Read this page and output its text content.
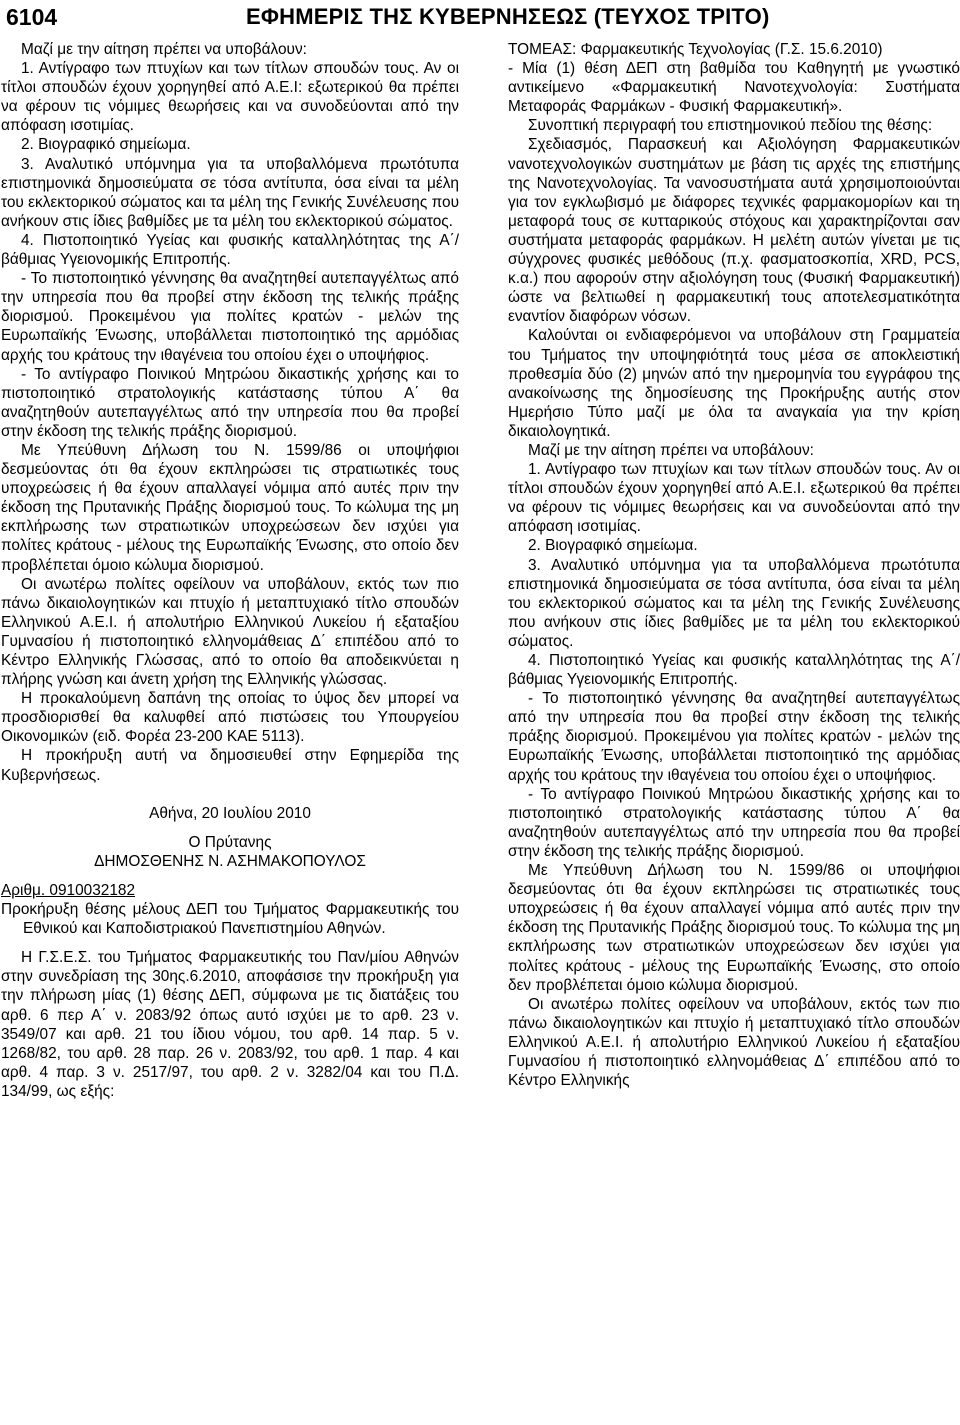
6104	ΕΦΗΜΕΡΙΣ ΤΗΣ ΚΥΒΕΡΝΗΣΕΩΣ (ΤΕΥΧΟΣ ΤΡΙΤΟ)

Μαζί με την αίτηση πρέπει να υποβάλουν:

1. Αντίγραφο των πτυχίων και των τίτλων σπουδών τους. Αν οι τίτλοι σπουδών έχουν χορηγηθεί από Α.Ε.Ι: εξωτερικού θα πρέπει να φέρουν τις νόμιμες θεωρήσεις και να συνοδεύονται από την απόφαση ισοτιμίας.

2. Βιογραφικό σημείωμα.

3. Αναλυτικό υπόμνημα για τα υποβαλλόμενα πρωτότυπα επιστημονικά δημοσιεύματα σε τόσα αντίτυπα, όσα είναι τα μέλη του εκλεκτορικού σώματος και τα μέλη της Γενικής Συνέλευσης που ανήκουν στις ίδιες βαθμίδες με τα μέλη του εκλεκτορικού σώματος.

4. Πιστοποιητικό Υγείας και φυσικής καταλληλότητας της Α΄/βάθμιας Υγειονομικής Επιτροπής.

- Το πιστοποιητικό γέννησης θα αναζητηθεί αυτεπαγγέλτως από την υπηρεσία που θα προβεί στην έκδοση της τελικής πράξης διορισμού. Προκειμένου για πολίτες κρατών - μελών της Ευρωπαϊκής Ένωσης, υποβάλλεται πιστοποιητικό της αρμόδιας αρχής του κράτους την ιθαγένεια του οποίου έχει ο υποψήφιος.

- Το αντίγραφο Ποινικού Μητρώου δικαστικής χρήσης και το πιστοποιητικό στρατολογικής κατάστασης τύπου Α΄ θα αναζητηθούν αυτεπαγγέλτως από την υπηρεσία που θα προβεί στην έκδοση της τελικής πράξης διορισμού.

Με Υπεύθυνη Δήλωση του Ν. 1599/86 οι υποψήφιοι δεσμεύοντας ότι θα έχουν εκπληρώσει τις στρατιωτικές τους υποχρεώσεις ή θα έχουν απαλλαγεί νόμιμα από αυτές πριν την έκδοση της Πρυτανικής Πράξης διορισμού τους. Το κώλυμα της μη εκπλήρωσης των στρατιωτικών υποχρεώσεων δεν ισχύει για πολίτες κράτους - μέλους της Ευρωπαϊκής Ένωσης, στο οποίο δεν προβλέπεται όμοιο κώλυμα διορισμού.

Οι ανωτέρω πολίτες οφείλουν να υποβάλουν, εκτός των πιο πάνω δικαιολογητικών και πτυχίο ή μεταπτυχιακό τίτλο σπουδών Ελληνικού Α.Ε.Ι. ή απολυτήριο Ελληνικού Λυκείου ή εξαταξίου Γυμνασίου ή πιστοποιητικό ελληνομάθειας Δ΄ επιπέδου από το Κέντρο Ελληνικής Γλώσσας, από το οποίο θα αποδεικνύεται η πλήρης γνώση και άνετη χρήση της Ελληνικής γλώσσας.

Η προκαλούμενη δαπάνη της οποίας το ύψος δεν μπορεί να προσδιορισθεί θα καλυφθεί από πιστώσεις του Υπουργείου Οικονομικών (ειδ. Φορέα 23-200 ΚΑΕ 5113).

Η προκήρυξη αυτή να δημοσιευθεί στην Εφημερίδα της Κυβερνήσεως.

Αθήνα, 20 Ιουλίου 2010

Ο Πρύτανης

ΔΗΜΟΣΘΕΝΗΣ Ν. ΑΣΗΜΑΚΟΠΟΥΛΟΣ

Αριθμ. 0910032182

Προκήρυξη θέσης μέλους ΔΕΠ του Τμήματος Φαρμακευτικής του Εθνικού και Καποδιστριακού Πανεπιστημίου Αθηνών.

Η Γ.Σ.Ε.Σ. του Τμήματος Φαρμακευτικής του Παν/μίου Αθηνών στην συνεδρίαση της 30ης.6.2010, αποφάσισε την προκήρυξη για την πλήρωση μίας (1) θέσης ΔΕΠ, σύμφωνα με τις διατάξεις του αρθ. 6 περ Α΄ ν. 2083/92 όπως αυτό ισχύει με το αρθ. 23 ν. 3549/07 και αρθ. 21 του ίδιου νόμου, του αρθ. 14 παρ. 5 ν. 1268/82, του αρθ. 28 παρ. 26 ν. 2083/92, του αρθ. 1 παρ. 4 και αρθ. 4 παρ. 3 ν. 2517/97, του αρθ. 2 ν. 3282/04 και του Π.Δ. 134/99, ως εξής:

ΤΟΜΕΑΣ: Φαρμακευτικής Τεχνολογίας (Γ.Σ. 15.6.2010)

- Μία (1) θέση ΔΕΠ στη βαθμίδα του Καθηγητή με γνωστικό αντικείμενο «Φαρμακευτική Νανοτεχνολογία: Συστήματα Μεταφοράς Φαρμάκων - Φυσική Φαρμακευτική».

Συνοπτική περιγραφή του επιστημονικού πεδίου της θέσης:

Σχεδιασμός, Παρασκευή και Αξιολόγηση Φαρμακευτικών νανοτεχνολογικών συστημάτων με βάση τις αρχές της επιστήμης της Νανοτεχνολογίας. Τα νανοσυστήματα αυτά χρησιμοποιούνται για τον εγκλωβισμό με διάφορες τεχνικές φαρμακομορίων και τη μεταφορά τους σε κυτταρικούς στόχους και χαρακτηρίζονται σαν συστήματα μεταφοράς φαρμάκων. Η μελέτη αυτών γίνεται με τις σύγχρονες φυσικές μεθόδους (π.χ. φασματοσκοπία, XRD, PCS, κ.α.) που αφορούν στην αξιολόγηση τους (Φυσική Φαρμακευτική) ώστε να βελτιωθεί η φαρμακευτική τους αποτελεσματικότητα εναντίον διαφόρων νόσων.

Καλούνται οι ενδιαφερόμενοι να υποβάλουν στη Γραμματεία του Τμήματος την υποψηφιότητά τους μέσα σε αποκλειστική προθεσμία δύο (2) μηνών από την ημερομηνία του εγγράφου της ανακοίνωσης της δημοσίευσης της Προκήρυξης αυτής στον Ημερήσιο Τύπο μαζί με όλα τα αναγκαία για την κρίση δικαιολογητικά.

Μαζί με την αίτηση πρέπει να υποβάλουν:

1. Αντίγραφο των πτυχίων και των τίτλων σπουδών τους. Αν οι τίτλοι σπουδών έχουν χορηγηθεί από Α.Ε.Ι. εξωτερικού θα πρέπει να φέρουν τις νόμιμες θεωρήσεις και να συνοδεύονται από την απόφαση ισοτιμίας.

2. Βιογραφικό σημείωμα.

3. Αναλυτικό υπόμνημα για τα υποβαλλόμενα πρωτότυπα επιστημονικά δημοσιεύματα σε τόσα αντίτυπα, όσα είναι τα μέλη του εκλεκτορικού σώματος και τα μέλη της Γενικής Συνέλευσης που ανήκουν στις ίδιες βαθμίδες με τα μέλη του εκλεκτορικού σώματος.

4. Πιστοποιητικό Υγείας και φυσικής καταλληλότητας της Α΄/βάθμιας Υγειονομικής Επιτροπής.

- Το πιστοποιητικό γέννησης θα αναζητηθεί αυτεπαγγέλτως από την υπηρεσία που θα προβεί στην έκδοση της τελικής πράξης διορισμού. Προκειμένου για πολίτες κρατών - μελών της Ευρωπαϊκής Ένωσης, υποβάλλεται πιστοποιητικό της αρμόδιας αρχής του κράτους την ιθαγένεια του οποίου έχει ο υποψήφιος.

- Το αντίγραφο Ποινικού Μητρώου δικαστικής χρήσης και το πιστοποιητικό στρατολογικής κατάστασης τύπου Α΄ θα αναζητηθούν αυτεπαγγέλτως από την υπηρεσία που θα προβεί στην έκδοση της τελικής πράξης διορισμού.

Με Υπεύθυνη Δήλωση του Ν. 1599/86 οι υποψήφιοι δεσμεύοντας ότι θα έχουν εκπληρώσει τις στρατιωτικές τους υποχρεώσεις ή θα έχουν απαλλαγεί νόμιμα από αυτές πριν την έκδοση της Πρυτανικής Πράξης διορισμού τους. Το κώλυμα της μη εκπλήρωσης των στρατιωτικών υποχρεώσεων δεν ισχύει για πολίτες κράτους - μέλους της Ευρωπαϊκής Ένωσης, στο οποίο δεν προβλέπεται όμοιο κώλυμα διορισμού.

Οι ανωτέρω πολίτες οφείλουν να υποβάλουν, εκτός των πιο πάνω δικαιολογητικών και πτυχίο ή μεταπτυχιακό τίτλο σπουδών Ελληνικού Α.Ε.Ι. ή απολυτήριο Ελληνικού Λυκείου ή εξαταξίου Γυμνασίου ή πιστοποιητικό ελληνομάθειας Δ΄ επιπέδου από το Κέντρο Ελληνικής
